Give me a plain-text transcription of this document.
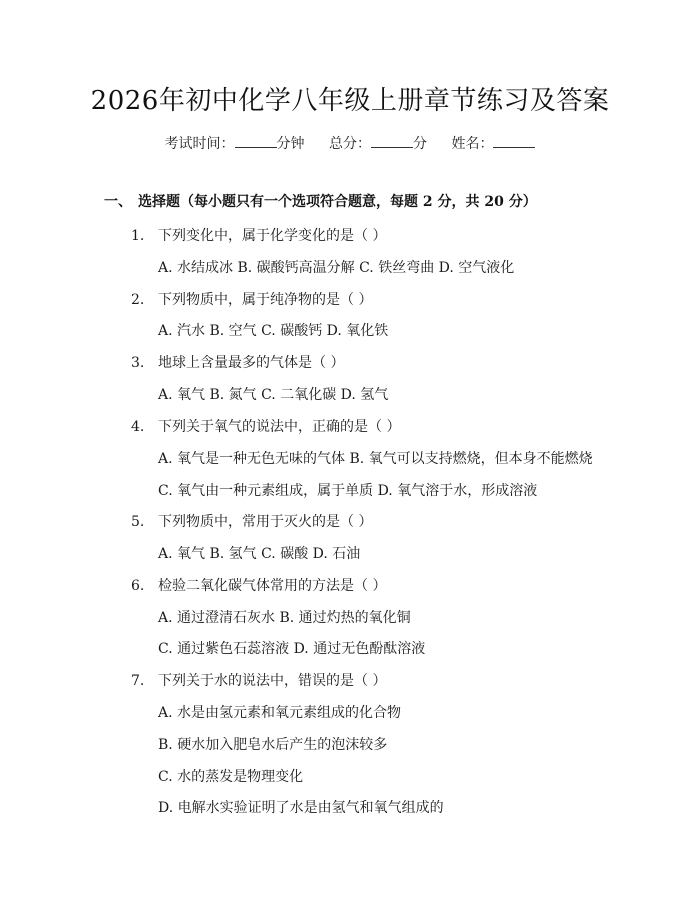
2026年初中化学八年级上册章节练习及答案
考试时间：	分钟 总分：	分 姓名：
一、 选择题（每小题只有一个选项符合题意，每题 2 分，共 20 分）
1. 下列变化中，属于化学变化的是（ ）
A. 水结成冰 B. 碳酸钙高温分解 C. 铁丝弯曲 D. 空气液化
2. 下列物质中，属于纯净物的是（ ）
A. 汽水 B. 空气 C. 碳酸钙 D. 氧化铁
3. 地球上含量最多的气体是（ ）
A. 氧气 B. 氮气 C. 二氧化碳 D. 氢气
4. 下列关于氧气的说法中，正确的是（ ）
A. 氧气是一种无色无味的气体 B. 氧气可以支持燃烧，但本身不能燃烧
C. 氧气由一种元素组成，属于单质 D. 氧气溶于水，形成溶液
5. 下列物质中，常用于灭火的是（ ）
A. 氧气 B. 氢气 C. 碳酸 D. 石油
6. 检验二氧化碳气体常用的方法是（ ）
A. 通过澄清石灰水 B. 通过灼热的氧化铜
C. 通过紫色石蕊溶液 D. 通过无色酚酞溶液
7. 下列关于水的说法中，错误的是（ ）
A. 水是由氢元素和氧元素组成的化合物
B. 硬水加入肥皂水后产生的泡沫较多
C. 水的蒸发是物理变化
D. 电解水实验证明了水是由氢气和氧气组成的
